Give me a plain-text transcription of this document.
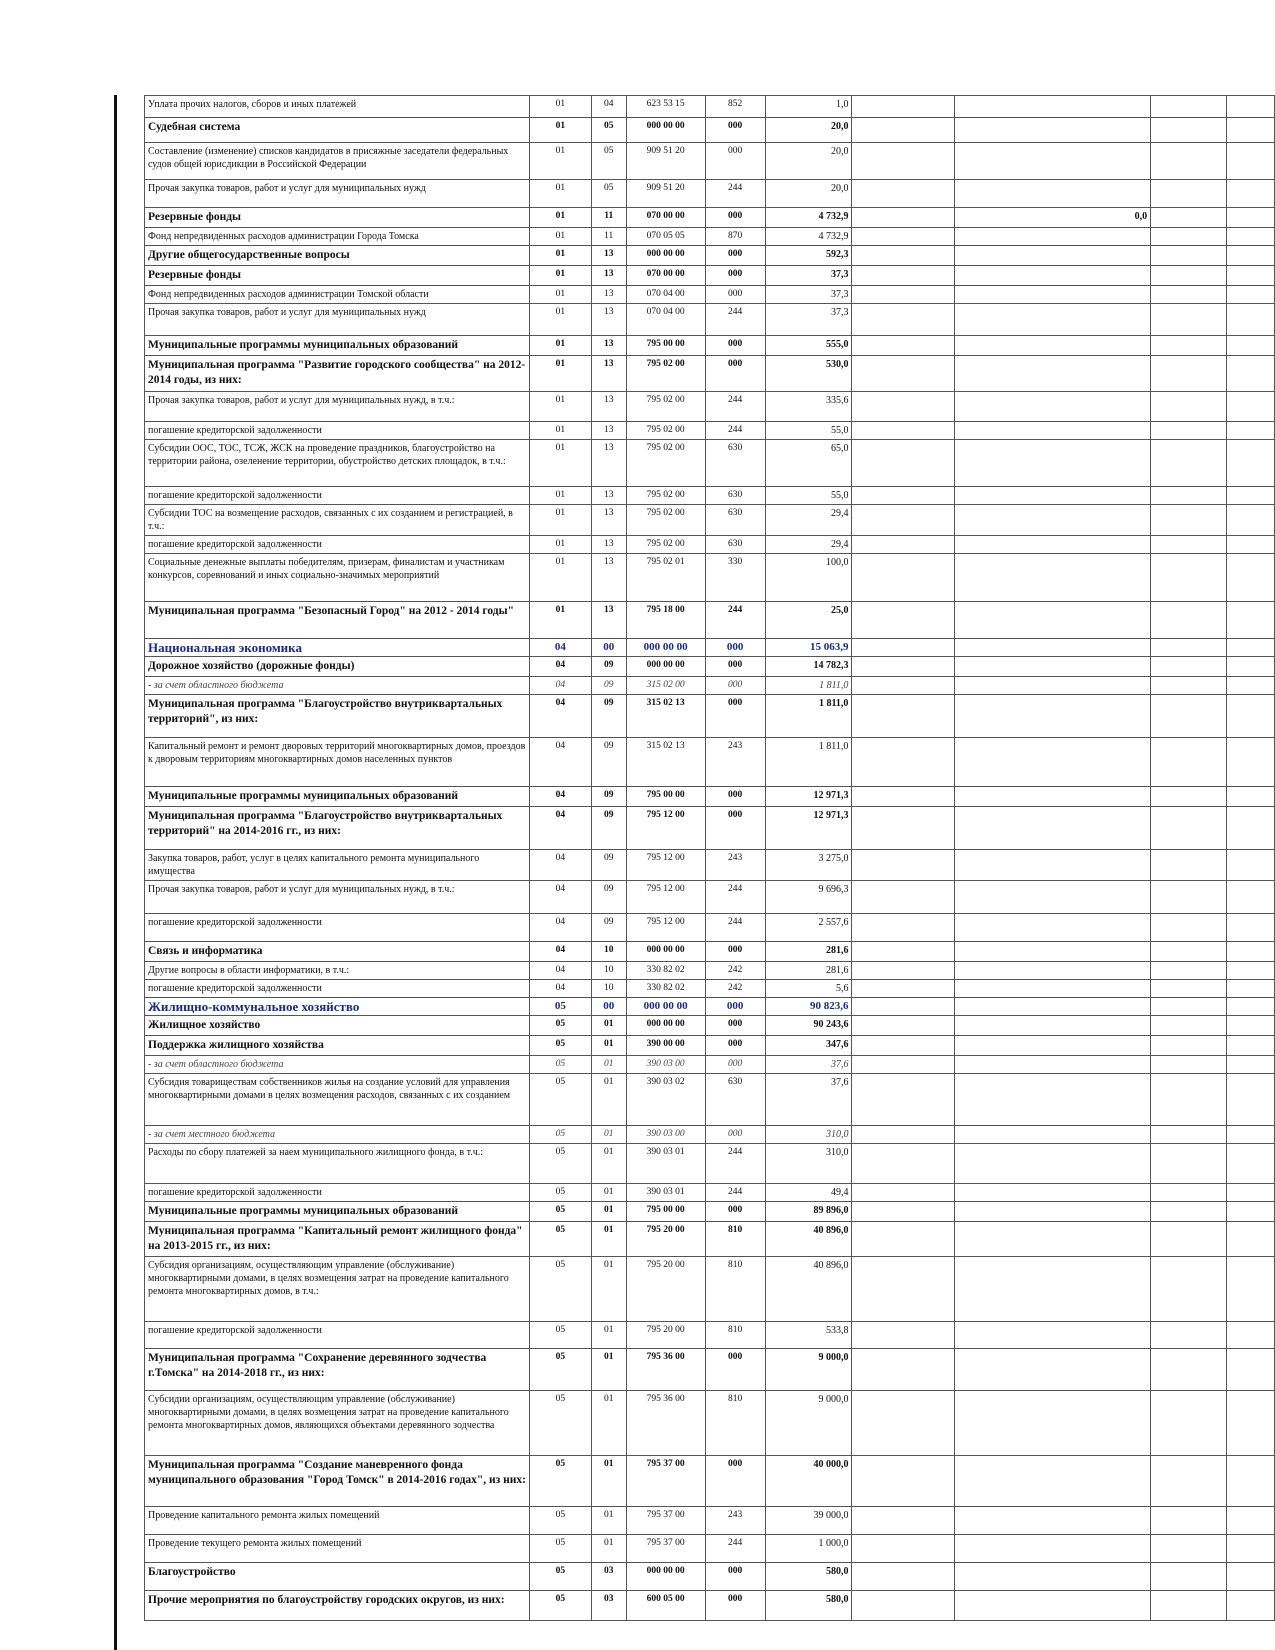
Уплата прочих налогов, сборов и иных платежей	01	04	623 53 15	852	1,0				
Судебная система	01	05	000 00 00	000	20,0				
Составление (изменение) списков кандидатов в присяжные заседатели федеральных судов общей юрисдикции в Российской Федерации	01	05	909 51 20	000	20,0				
Прочая закупка товаров, работ и услуг для муниципальных нужд	01	05	909 51 20	244	20,0				
Резервные фонды	01	11	070 00 00	000	4 732,9		0,0		
Фонд непредвиденных расходов администрации Города Томска	01	11	070 05 05	870	4 732,9				
Другие общегосударственные вопросы	01	13	000 00 00	000	592,3				
Резервные фонды	01	13	070 00 00	000	37,3				
Фонд непредвиденных расходов администрации Томской области	01	13	070 04 00	000	37,3				
Прочая закупка товаров, работ и услуг для муниципальных нужд	01	13	070 04 00	244	37,3				
Муниципальные программы муниципальных образований	01	13	795 00 00	000	555,0				
Муниципальная программа "Развитие городского сообщества" на 2012-2014 годы, из них:	01	13	795 02 00	000	530,0				
Прочая закупка товаров, работ и услуг для муниципальных нужд, в т.ч.:	01	13	795 02 00	244	335,6				
погашение кредиторской задолженности	01	13	795 02 00	244	55,0				
Субсидии ООС, ТОС, ТСЖ, ЖСК на проведение праздников, благоустройство на территории района, озеленение территории, обустройство детских площадок, в т.ч.:	01	13	795 02 00	630	65,0				
погашение кредиторской задолженности	01	13	795 02 00	630	55,0				
Субсидии ТОС на возмещение расходов, связанных с их созданием и регистрацией, в т.ч.:	01	13	795 02 00	630	29,4				
погашение кредиторской задолженности	01	13	795 02 00	630	29,4				
Социальные денежные выплаты победителям, призерам, финалистам и участникам конкурсов, соревнований и иных социально-значимых мероприятий	01	13	795 02 01	330	100,0				
Муниципальная программа "Безопасный Город" на 2012 - 2014 годы"	01	13	795 18 00	244	25,0				
Национальная экономика	04	00	000 00 00	000	15 063,9				
Дорожное хозяйство (дорожные фонды)	04	09	000 00 00	000	14 782,3				
- за счет областного бюджета	04	09	315 02 00	000	1 811,0				
Муниципальная программа "Благоустройство внутриквартальных территорий", из них:	04	09	315 02 13	000	1 811,0				
Капитальный ремонт и ремонт дворовых территорий многоквартирных домов, проездов к дворовым территориям многоквартирных домов населенных пунктов	04	09	315 02 13	243	1 811,0				
Муниципальные программы муниципальных образований	04	09	795 00 00	000	12 971,3				
Муниципальная программа "Благоустройство внутриквартальных территорий" на 2014-2016 гг., из них:	04	09	795 12 00	000	12 971,3				
Закупка товаров, работ, услуг в целях капитального ремонта муниципального имущества	04	09	795 12 00	243	3 275,0				
Прочая закупка товаров, работ и услуг для муниципальных нужд, в т.ч.:	04	09	795 12 00	244	9 696,3				
погашение кредиторской задолженности	04	09	795 12 00	244	2 557,6				
Связь и информатика	04	10	000 00 00	000	281,6				
Другие вопросы в области информатики, в т.ч.:	04	10	330 82 02	242	281,6				
погашение кредиторской задолженности	04	10	330 82 02	242	5,6				
Жилищно-коммунальное хозяйство	05	00	000 00 00	000	90 823,6				
Жилищное хозяйство	05	01	000 00 00	000	90 243,6				
Поддержка жилищного хозяйства	05	01	390 00 00	000	347,6				
- за счет областного бюджета	05	01	390 03 00	000	37,6				
Субсидия товариществам собственников жилья на создание условий для управления многоквартирными домами в целях возмещения расходов, связанных с их созданием	05	01	390 03 02	630	37,6				
- за счет местного бюджета	05	01	390 03 00	000	310,0				
Расходы по сбору платежей за наем муниципального жилищного фонда, в т.ч.:	05	01	390 03 01	244	310,0				
погашение кредиторской задолженности	05	01	390 03 01	244	49,4				
Муниципальные программы муниципальных образований	05	01	795 00 00	000	89 896,0				
Муниципальная программа "Капитальный ремонт жилищного фонда" на 2013-2015 гг., из них:	05	01	795 20 00	810	40 896,0				
Субсидия организациям, осуществляющим управление (обслуживание) многоквартирными домами, в целях возмещения затрат на проведение капитального ремонта многоквартирных домов, в т.ч.:	05	01	795 20 00	810	40 896,0				
погашение кредиторской задолженности	05	01	795 20 00	810	533,8				
Муниципальная программа "Сохранение деревянного зодчества г.Томска" на 2014-2018 гг., из них:	05	01	795 36 00	000	9 000,0				
Субсидии организациям, осуществляющим управление (обслуживание) многоквартирными домами, в целях возмещения затрат на проведение капитального ремонта многоквартирных домов, являющихся объектами деревянного зодчества	05	01	795 36 00	810	9 000,0				
Муниципальная программа "Создание маневренного фонда муниципального образования "Город Томск" в 2014-2016 годах", из них:	05	01	795 37 00	000	40 000,0				
Проведение капитального ремонта жилых помещений	05	01	795 37 00	243	39 000,0				
Проведение текущего ремонта жилых помещений	05	01	795 37 00	244	1 000,0				
Благоустройство	05	03	000 00 00	000	580,0				
Прочие мероприятия по благоустройству городских округов, из них:	05	03	600 05 00	000	580,0				
